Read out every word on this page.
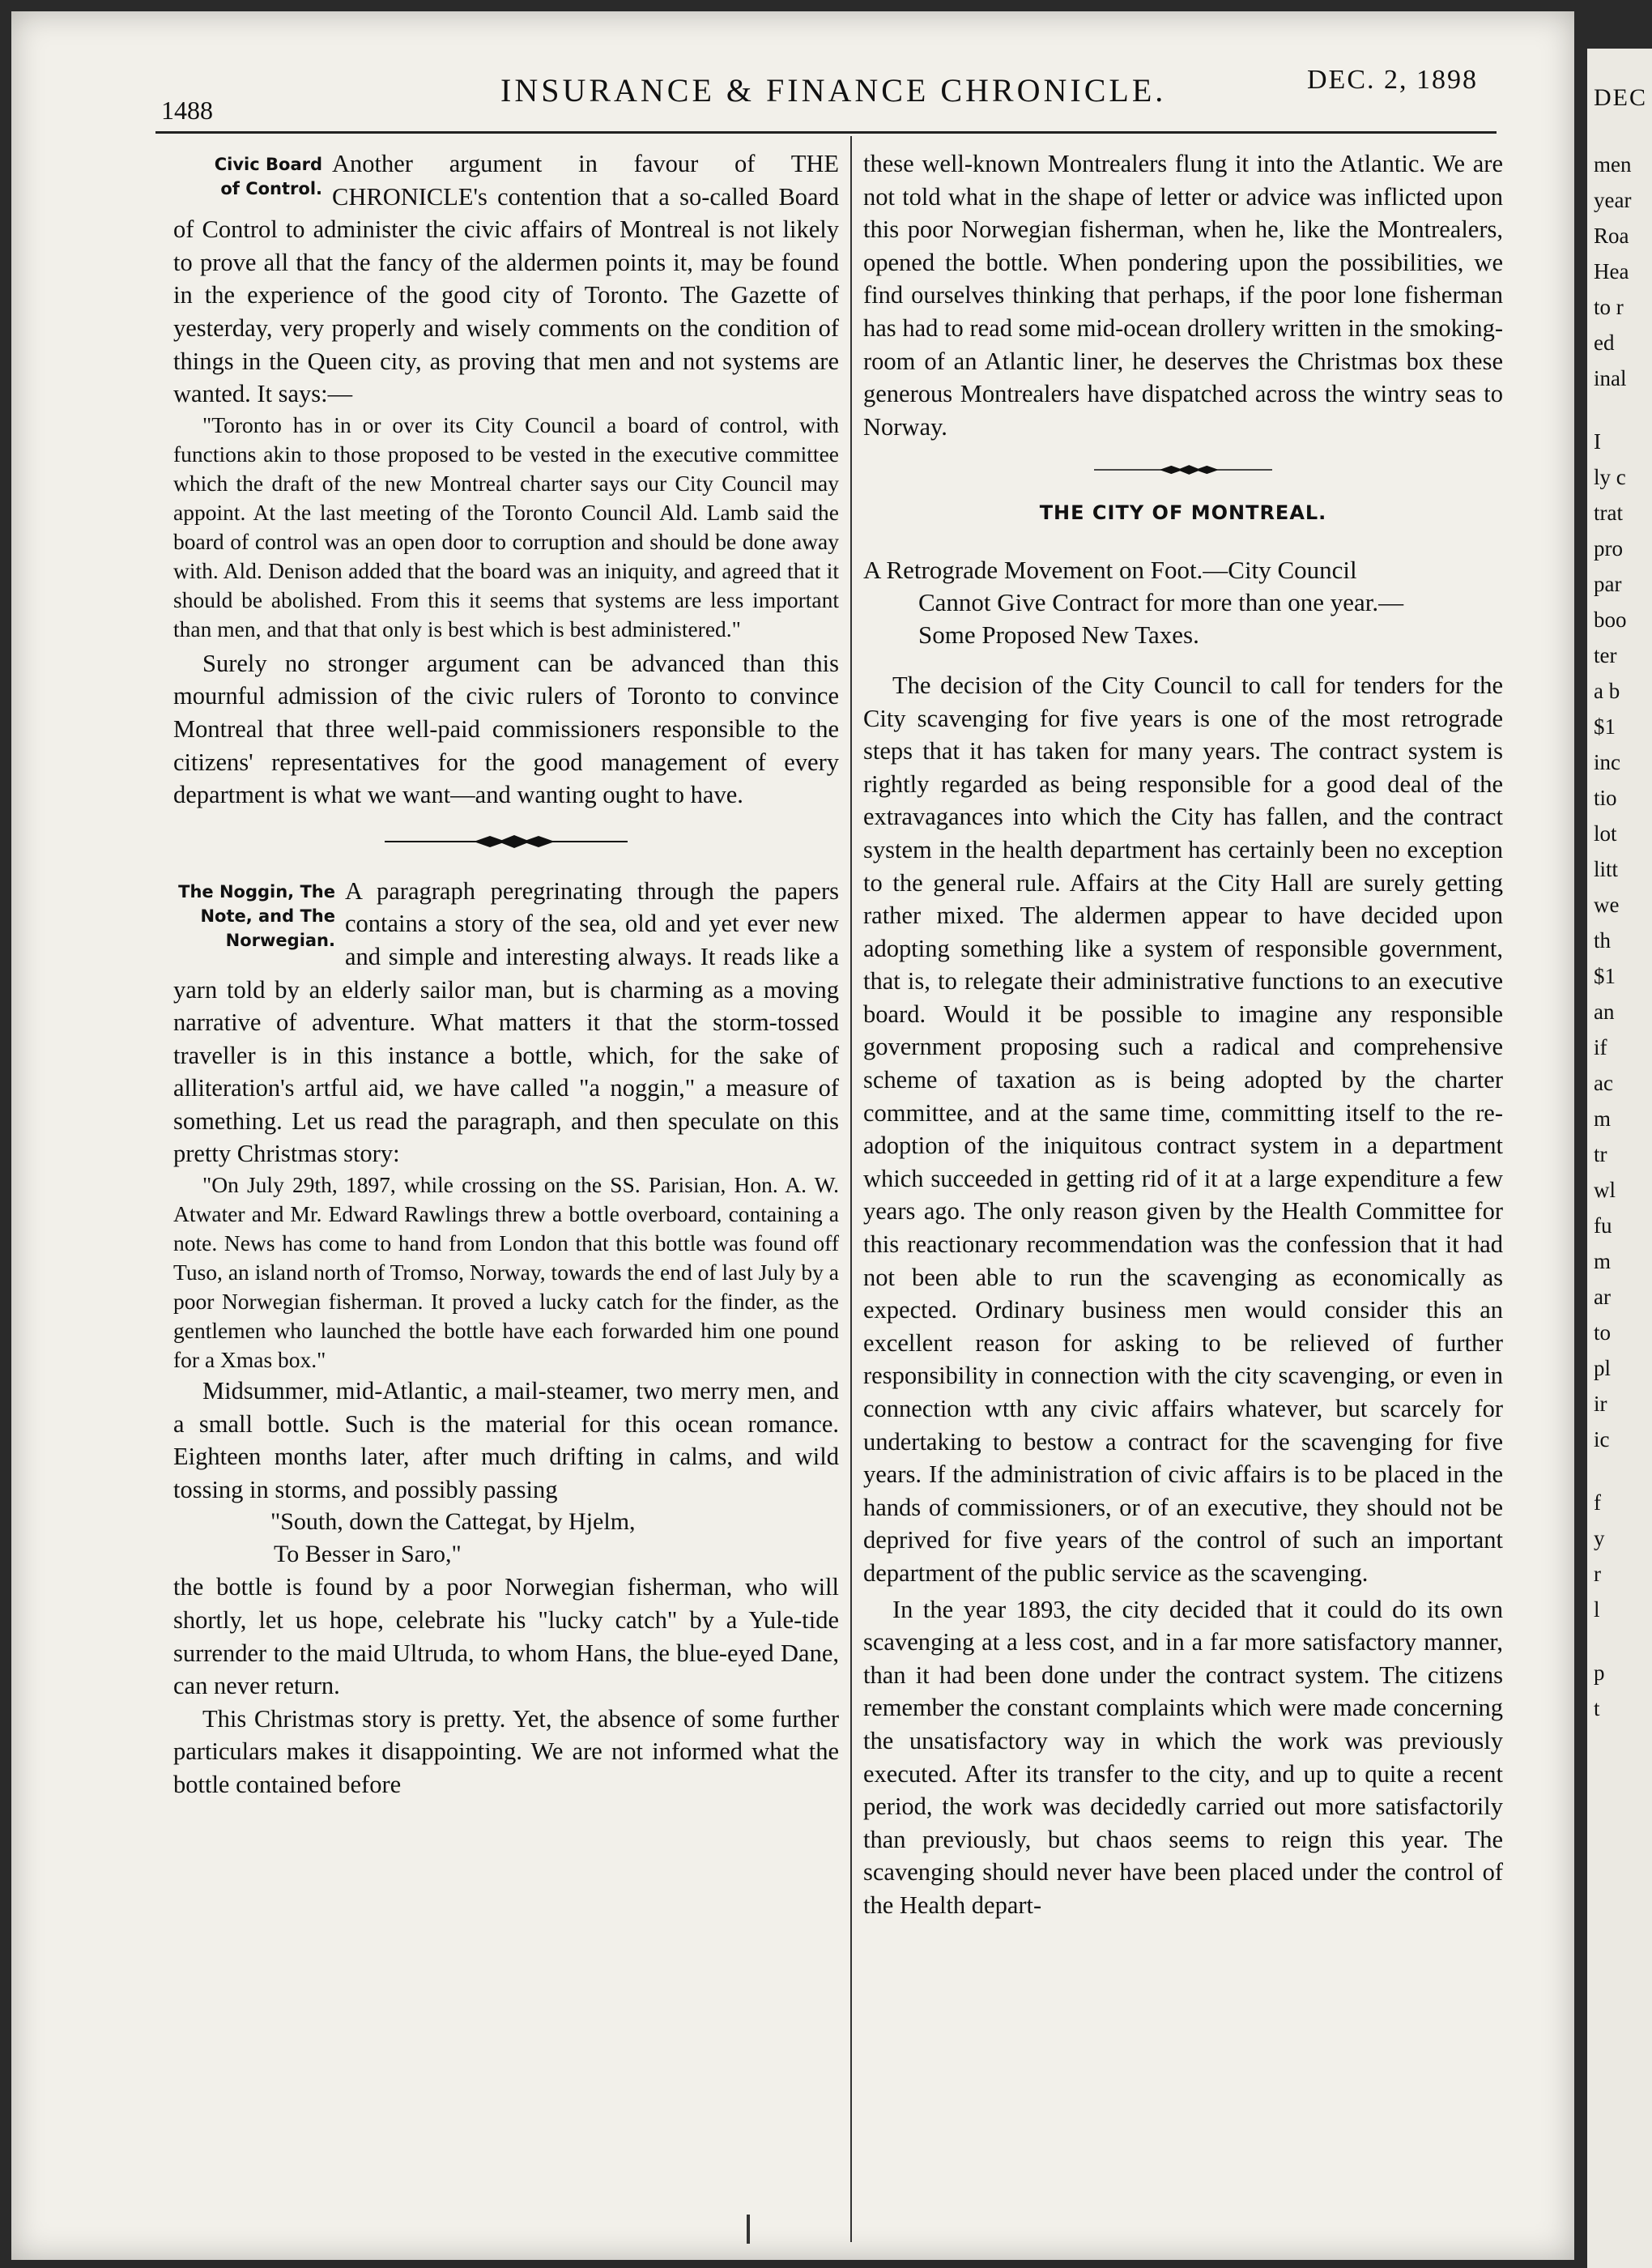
1488
INSURANCE & FINANCE CHRONICLE.	DEC. 2, 1898
Civic Board
of Control.

Another argument in favour of THE CHRONICLE's contention that a so-called Board of Control to administer the civic affairs of Montreal is not likely to prove all that the fancy of the aldermen points it, may be found in the experience of the good city of Toronto. The Gazette of yesterday, very properly and wisely comments on the condition of things in the Queen city, as proving that men and not systems are wanted. It says:—

"Toronto has in or over its City Council a board of control, with functions akin to those proposed to be vested in the executive committee which the draft of the new Montreal charter says our City Council may appoint. At the last meeting of the Toronto Council Ald. Lamb said the board of control was an open door to corruption and should be done away with. Ald. Denison added that the board was an iniquity, and agreed that it should be abolished. From this it seems that systems are less important than men, and that that only is best which is best administered."

Surely no stronger argument can be advanced than this mournful admission of the civic rulers of Toronto to convince Montreal that three well-paid commissioners responsible to the citizens' representatives for the good management of every department is what we want—and wanting ought to have.

The Noggin, The
Note, and The
Norwegian.

A paragraph peregrinating through the papers contains a story of the sea, old and yet ever new and simple and interesting always. It reads like a yarn told by an elderly sailor man, but is charming as a moving narrative of adventure. What matters it that the storm-tossed traveller is in this instance a bottle, which, for the sake of alliteration's artful aid, we have called "a noggin," a measure of something. Let us read the paragraph, and then speculate on this pretty Christmas story:

"On July 29th, 1897, while crossing on the SS. Parisian, Hon. A. W. Atwater and Mr. Edward Rawlings threw a bottle overboard, containing a note. News has come to hand from London that this bottle was found off Tuso, an island north of Tromso, Norway, towards the end of last July by a poor Norwegian fisherman. It proved a lucky catch for the finder, as the gentlemen who launched the bottle have each forwarded him one pound for a Xmas box."

Midsummer, mid-Atlantic, a mail-steamer, two merry men, and a small bottle. Such is the material for this ocean romance. Eighteen months later, after much drifting in calms, and wild tossing in storms, and possibly passing

"South, down the Cattegat, by Hjelm,
To Besser in Saro,"

the bottle is found by a poor Norwegian fisherman, who will shortly, let us hope, celebrate his "lucky catch" by a Yule-tide surrender to the maid Ultruda, to whom Hans, the blue-eyed Dane, can never return.

This Christmas story is pretty. Yet, the absence of some further particulars makes it disappointing. We are not informed what the bottle contained before

these well-known Montrealers flung it into the Atlantic. We are not told what in the shape of letter or advice was inflicted upon this poor Norwegian fisherman, when he, like the Montrealers, opened the bottle. When pondering upon the possibilities, we find ourselves thinking that perhaps, if the poor lone fisherman has had to read some mid-ocean drollery written in the smoking-room of an Atlantic liner, he deserves the Christmas box these generous Montrealers have dispatched across the wintry seas to Norway.

THE CITY OF MONTREAL.
A Retrograde Movement on Foot.—City Council
Cannot Give Contract for more than one year.—
Some Proposed New Taxes.

The decision of the City Council to call for tenders for the City scavenging for five years is one of the most retrograde steps that it has taken for many years. The contract system is rightly regarded as being responsible for a good deal of the extravagances into which the City has fallen, and the contract system in the health department has certainly been no exception to the general rule. Affairs at the City Hall are surely getting rather mixed. The aldermen appear to have decided upon adopting something like a system of responsible government, that is, to relegate their administrative functions to an executive board. Would it be possible to imagine any responsible government proposing such a radical and comprehensive scheme of taxation as is being adopted by the charter committee, and at the same time, committing itself to the re-adoption of the iniquitous contract system in a department which succeeded in getting rid of it at a large expenditure a few years ago. The only reason given by the Health Committee for this reactionary recommendation was the confession that it had not been able to run the scavenging as economically as expected. Ordinary business men would consider this an excellent reason for asking to be relieved of further responsibility in connection with the city scavenging, or even in connection wtth any civic affairs whatever, but scarcely for undertaking to bestow a contract for the scavenging for five years. If the administration of civic affairs is to be placed in the hands of commissioners, or of an executive, they should not be deprived for five years of the control of such an important department of the public service as the scavenging.

In the year 1893, the city decided that it could do its own scavenging at a less cost, and in a far more satisfactory manner, than it had been done under the contract system. The citizens remember the constant complaints which were made concerning the unsatisfactory way in which the work was previously executed. After its transfer to the city, and up to quite a recent period, the work was decidedly carried out more satisfactorily than previously, but chaos seems to reign this year. The scavenging should never have been placed under the control of the Health depart-

DEC
men
year
Roa
Hea
to r
ed
inal
I
ly c
trat
pro
par
boo
ter
a b
$1
inc
tio
lot
litt
we
th
$1
an
if
ac
m
tr
wl
fu
m
ar
to
pl
ir
ic
f
y
r
l
p
t
